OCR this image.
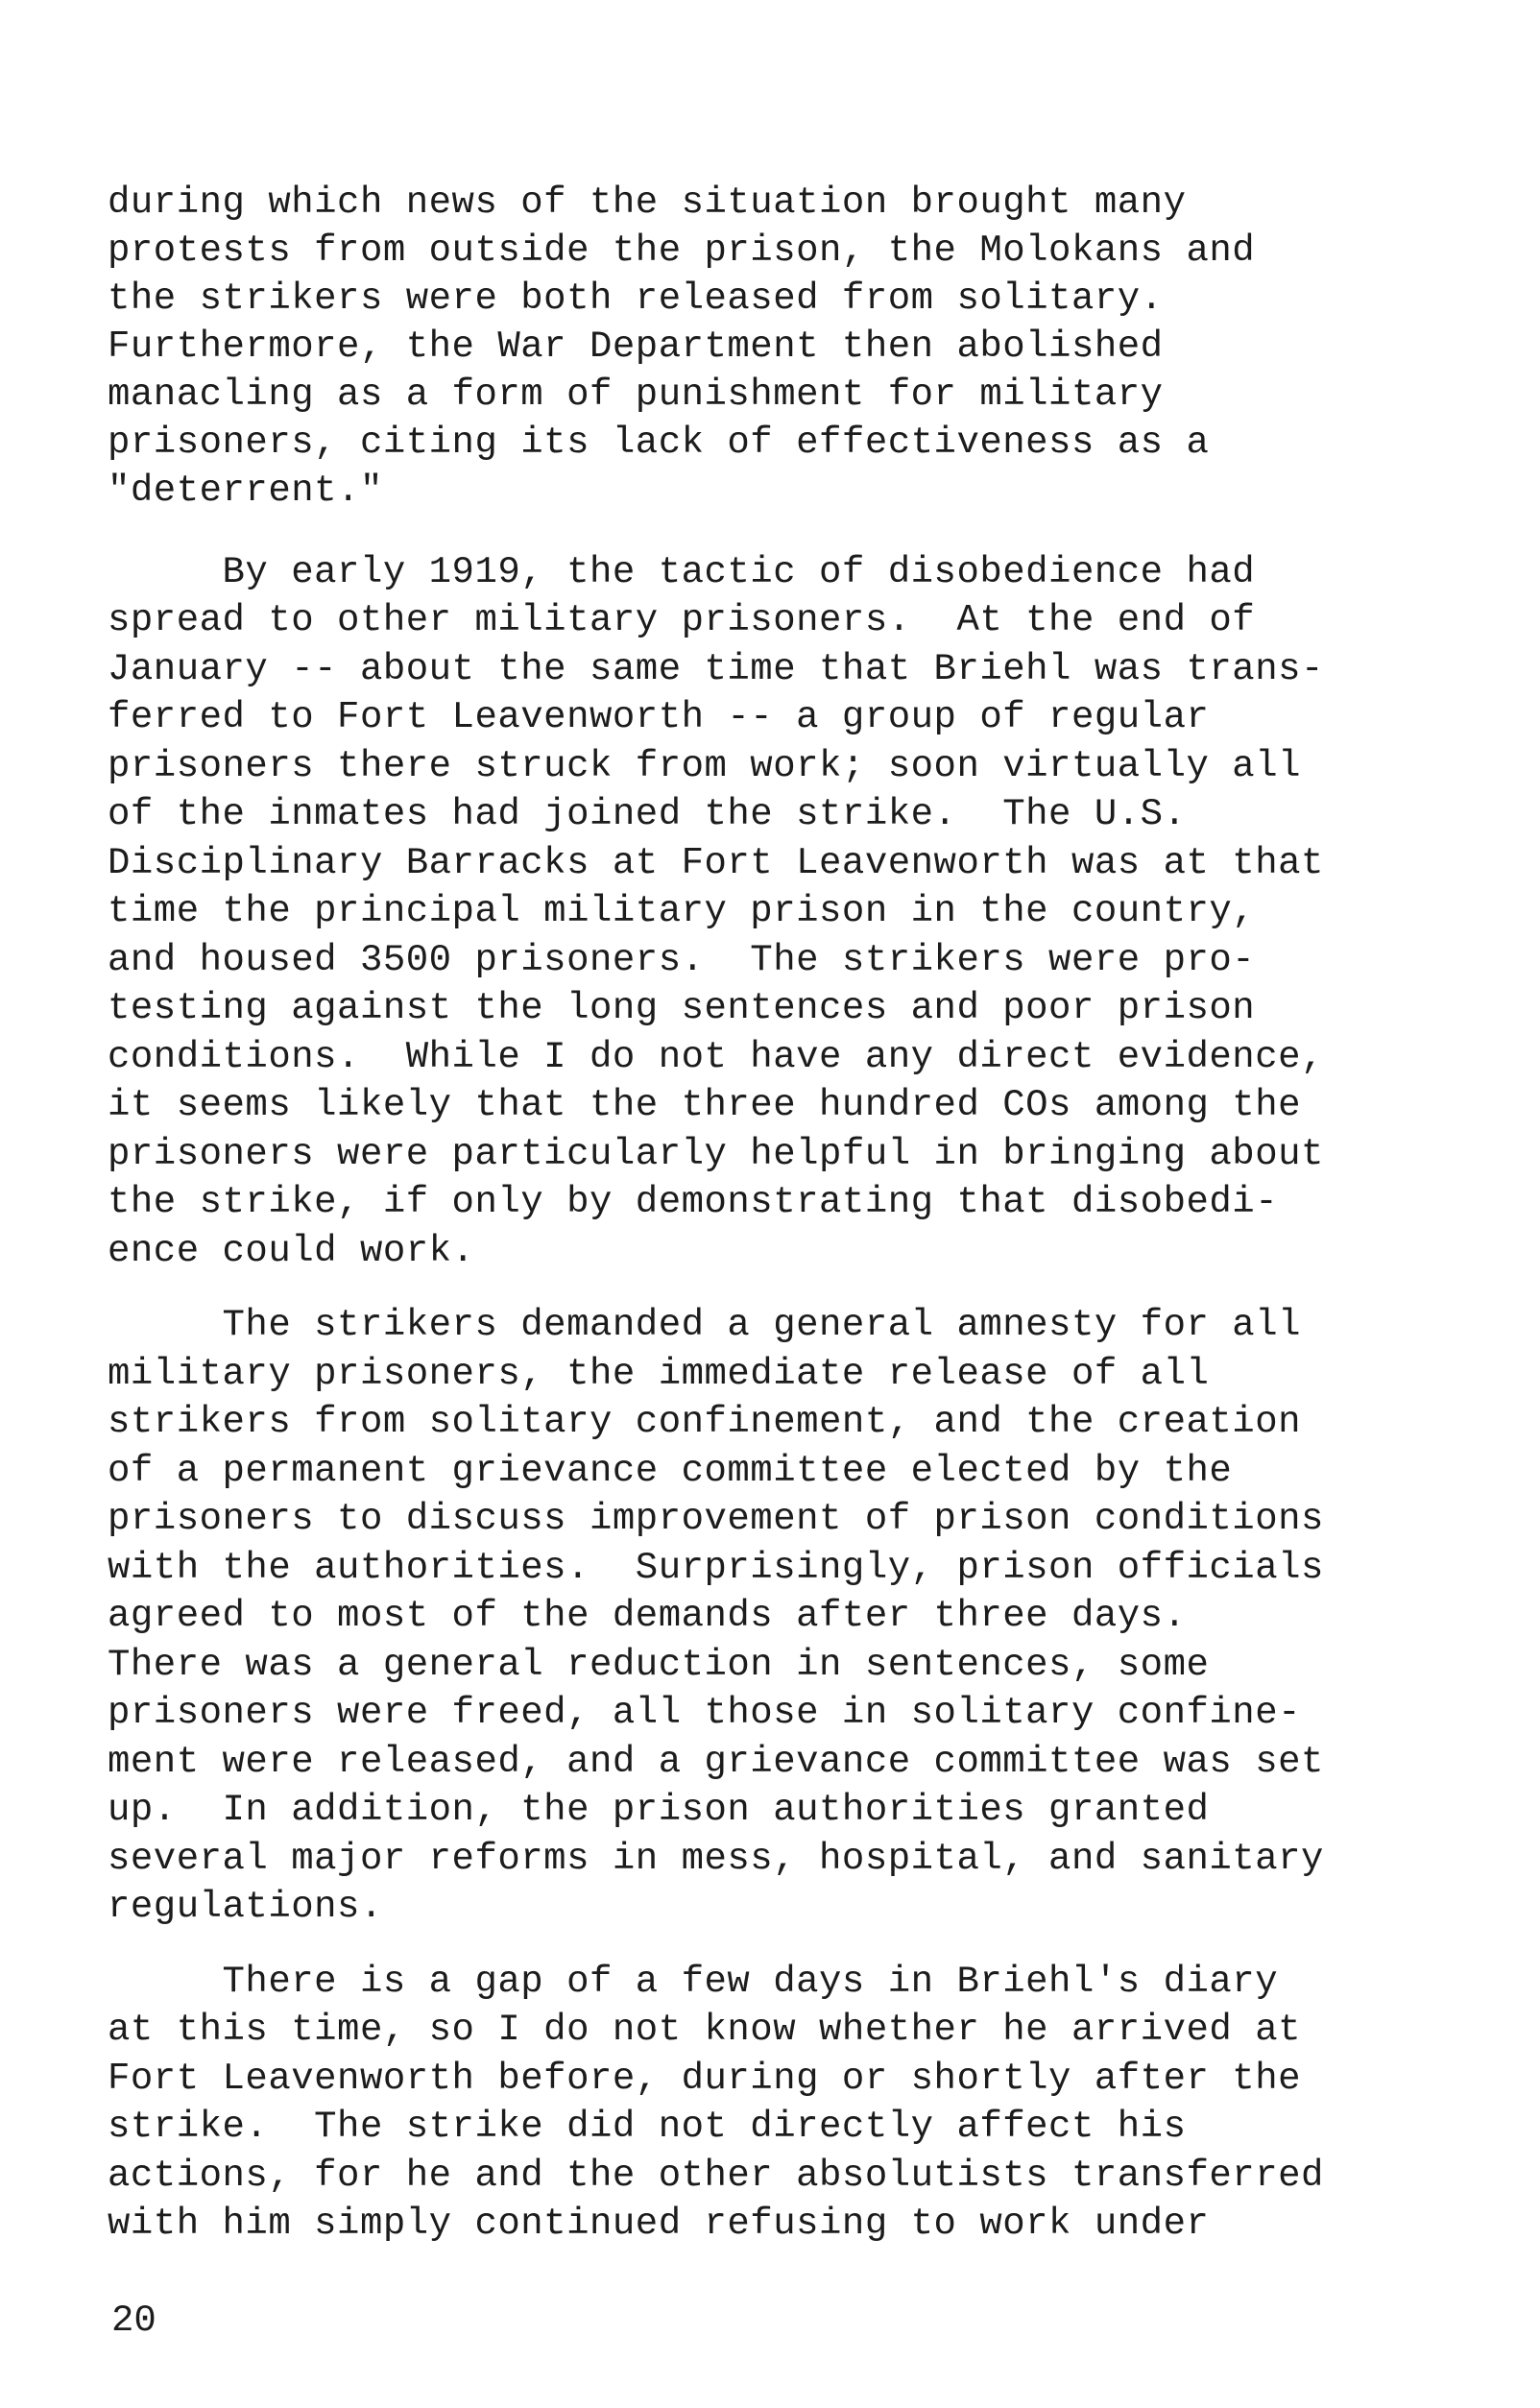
during which news of the situation brought many
protests from outside the prison, the Molokans and
the strikers were both released from solitary.
Furthermore, the War Department then abolished
manacling as a form of punishment for military
prisoners, citing its lack of effectiveness as a
"deterrent."
By early 1919, the tactic of disobedience had
spread to other military prisoners.  At the end of
January -- about the same time that Briehl was trans-
ferred to Fort Leavenworth -- a group of regular
prisoners there struck from work; soon virtually all
of the inmates had joined the strike.  The U.S.
Disciplinary Barracks at Fort Leavenworth was at that
time the principal military prison in the country,
and housed 3500 prisoners.  The strikers were pro-
testing against the long sentences and poor prison
conditions.  While I do not have any direct evidence,
it seems likely that the three hundred COs among the
prisoners were particularly helpful in bringing about
the strike, if only by demonstrating that disobedi-
ence could work.
The strikers demanded a general amnesty for all
military prisoners, the immediate release of all
strikers from solitary confinement, and the creation
of a permanent grievance committee elected by the
prisoners to discuss improvement of prison conditions
with the authorities.  Surprisingly, prison officials
agreed to most of the demands after three days.
There was a general reduction in sentences, some
prisoners were freed, all those in solitary confine-
ment were released, and a grievance committee was set
up.  In addition, the prison authorities granted
several major reforms in mess, hospital, and sanitary
regulations.
There is a gap of a few days in Briehl's diary
at this time, so I do not know whether he arrived at
Fort Leavenworth before, during or shortly after the
strike.  The strike did not directly affect his
actions, for he and the other absolutists transferred
with him simply continued refusing to work under
20
